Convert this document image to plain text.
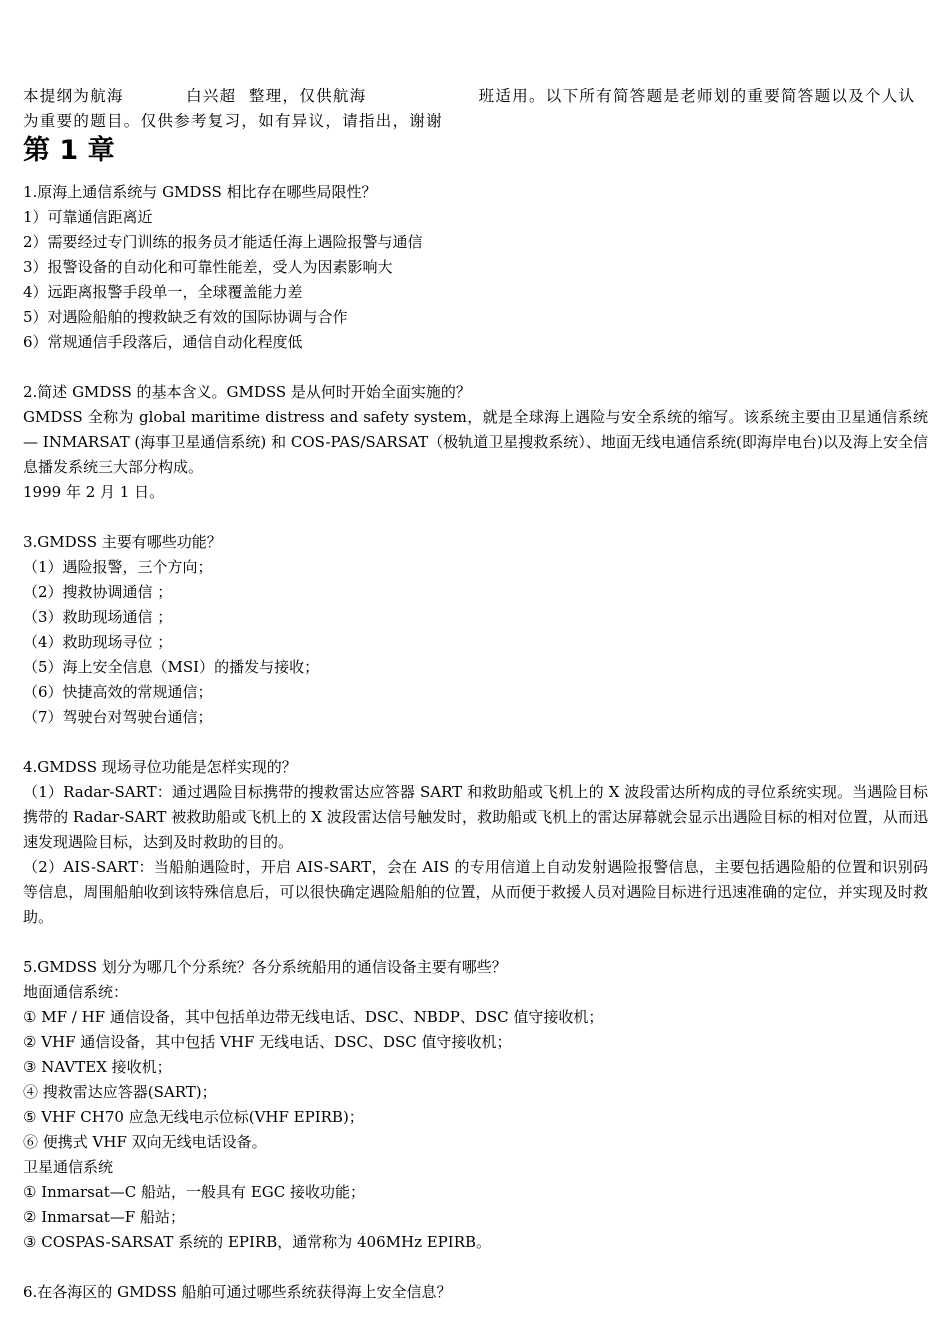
本提纲为航海          白兴超  整理，仅供航海                  班适用。以下所有简答题是老师划的重要简答题以及个人认为重要的题目。仅供参考复习，如有异议，请指出，谢谢

第 1 章

1.原海上通信系统与 GMDSS 相比存在哪些局限性？

1）可靠通信距离近

2）需要经过专门训练的报务员才能适任海上遇险报警与通信

3）报警设备的自动化和可靠性能差，受人为因素影响大

4）远距离报警手段单一，全球覆盖能力差

5）对遇险船舶的搜救缺乏有效的国际协调与合作

6）常规通信手段落后，通信自动化程度低

2.简述 GMDSS 的基本含义。GMDSS 是从何时开始全面实施的？

GMDSS 全称为 global maritime distress and safety system，就是全球海上遇险与安全系统的缩写。该系统主要由卫星通信系统— INMARSAT (海事卫星通信系统) 和 COS-PAS/SARSAT（极轨道卫星搜救系统）、地面无线电通信系统(即海岸电台)以及海上安全信息播发系统三大部分构成。

1999 年 2 月 1 日。

3.GMDSS 主要有哪些功能？

（1）遇险报警，三个方向；

（2）搜救协调通信 ；

（3）救助现场通信 ；

（4）救助现场寻位 ；

（5）海上安全信息（MSI）的播发与接收；

（6）快捷高效的常规通信；

（7）驾驶台对驾驶台通信；

4.GMDSS 现场寻位功能是怎样实现的？

（1）Radar-SART：通过遇险目标携带的搜救雷达应答器 SART 和救助船或飞机上的 X 波段雷达所构成的寻位系统实现。当遇险目标携带的 Radar-SART 被救助船或飞机上的 X 波段雷达信号触发时，救助船或飞机上的雷达屏幕就会显示出遇险目标的相对位置，从而迅速发现遇险目标，达到及时救助的目的。

（2）AIS-SART：当船舶遇险时，开启 AIS-SART，会在 AIS 的专用信道上自动发射遇险报警信息，主要包括遇险船的位置和识别码等信息，周围船舶收到该特殊信息后，可以很快确定遇险船舶的位置，从而便于救援人员对遇险目标进行迅速准确的定位，并实现及时救助。

5.GMDSS 划分为哪几个分系统？各分系统船用的通信设备主要有哪些？

地面通信系统：

① MF / HF 通信设备，其中包括单边带无线电话、DSC、NBDP、DSC 值守接收机；

② VHF 通信设备，其中包括 VHF 无线电话、DSC、DSC 值守接收机；

③ NAVTEX 接收机；

④ 搜救雷达应答器(SART)；

⑤ VHF CH70 应急无线电示位标(VHF EPIRB)；

⑥ 便携式 VHF 双向无线电话设备。

卫星通信系统

① Inmarsat—C 船站，一般具有 EGC 接收功能；

② Inmarsat—F 船站；

③ COSPAS-SARSAT 系统的 EPIRB，通常称为 406MHz EPIRB。

6.在各海区的 GMDSS 船舶可通过哪些系统获得海上安全信息？
